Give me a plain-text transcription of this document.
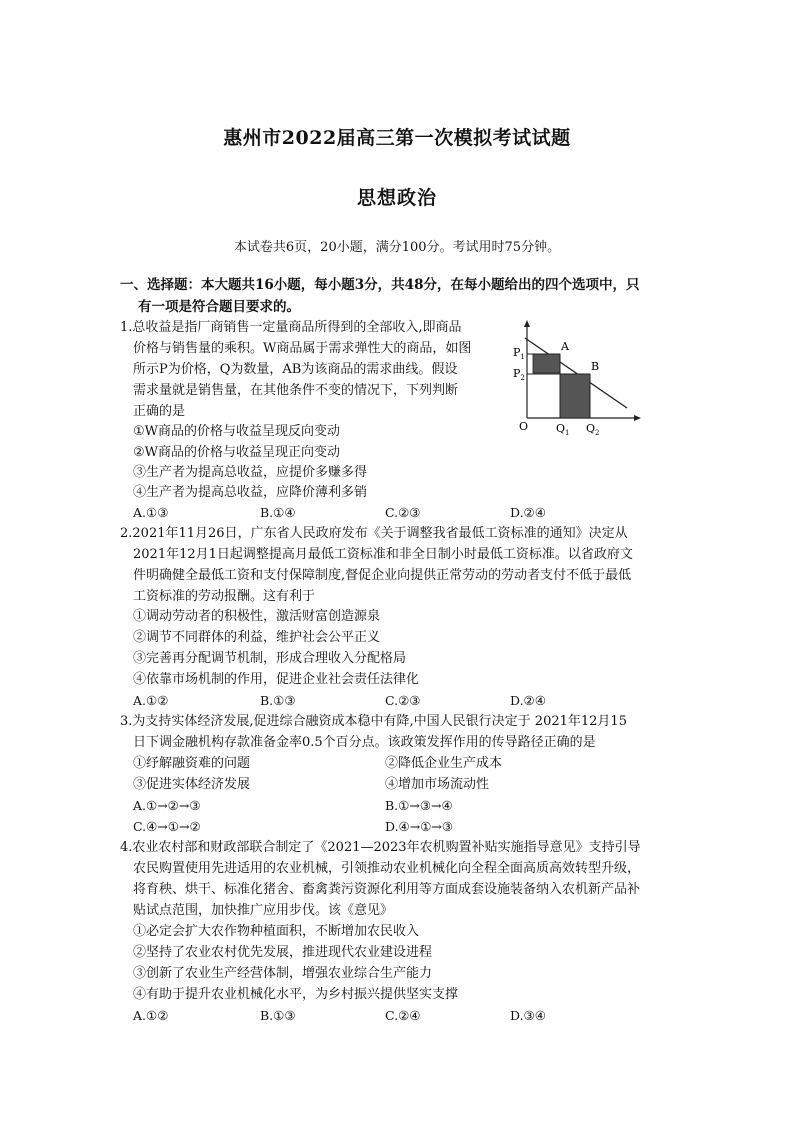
惠州市2022届高三第一次模拟考试试题
思想政治
本试卷共6页，20小题，满分100分。考试用时75分钟。
一、选择题：本大题共16小题，每小题3分，共48分，在每小题给出的四个选项中，只
有一项是符合题目要求的。
1.总收益是指厂商销售一定量商品所得到的全部收入,即商品
价格与销售量的乘积。W商品属于需求弹性大的商品，如图
所示P为价格，Q为数量，AB为该商品的需求曲线。假设
需求量就是销售量，在其他条件不变的情况下，下列判断
正确的是
①W商品的价格与收益呈现反向变动
②W商品的价格与收益呈现正向变动
③生产者为提高总收益，应提价多赚多得
④生产者为提高总收益，应降价薄利多销
A.①③	B.①④	C.②③	D.②④
$P_1$
$P_2$
A
B
O	$Q_1$ $Q_2$
2.2021年11月26日，广东省人民政府发布《关于调整我省最低工资标准的通知》决定从
2021年12月1日起调整提高月最低工资标准和非全日制小时最低工资标准。以省政府文
件明确健全最低工资和支付保障制度,督促企业向提供正常劳动的劳动者支付不低于最低
工资标准的劳动报酬。这有利于
①调动劳动者的积极性，激活财富创造源泉
②调节不同群体的利益，维护社会公平正义
③完善再分配调节机制，形成合理收入分配格局
④依靠市场机制的作用，促进企业社会责任法律化
A.①②	B.①③	C.②③	D.②④
3.为支持实体经济发展,促进综合融资成本稳中有降,中国人民银行决定于 2021年12月15
日下调金融机构存款准备金率0.5个百分点。该政策发挥作用的传导路径正确的是
①纾解融资难的问题	②降低企业生产成本
③促进实体经济发展	④增加市场流动性
A.①→②→③	B.①→③→④
C.④→①→②	D.④→①→③
4.农业农村部和财政部联合制定了《2021—2023年农机购置补贴实施指导意见》支持引导
农民购置使用先进适用的农业机械，引领推动农业机械化向全程全面高质高效转型升级，
将育秧、烘干、标准化猪舍、畜禽粪污资源化利用等方面成套设施装备纳入农机新产品补
贴试点范围，加快推广应用步伐。该《意见》
①必定会扩大农作物种植面积，不断增加农民收入
②坚持了农业农村优先发展，推进现代农业建设进程
③创新了农业生产经营体制，增强农业综合生产能力
④有助于提升农业机械化水平，为乡村振兴提供坚实支撑
A.①②	B.①③	C.②④	D.③④
